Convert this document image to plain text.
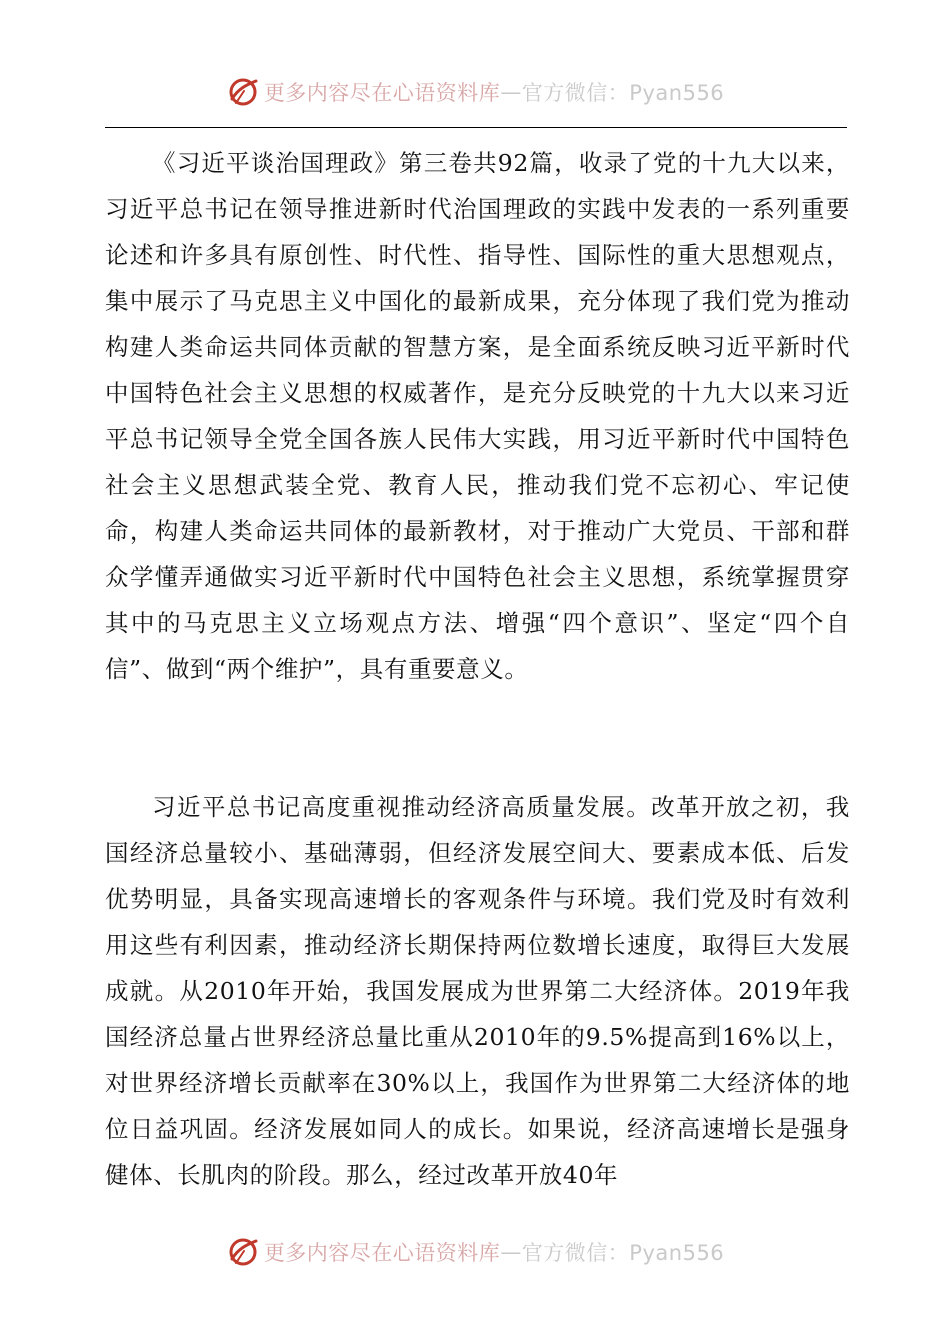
更多内容尽在心语资料库 — 官方微信：Pyan556

《习近平谈治国理政》第三卷共92篇，收录了党的十九大以来，习近平总书记在领导推进新时代治国理政的实践中发表的一系列重要论述和许多具有原创性、时代性、指导性、国际性的重大思想观点，集中展示了马克思主义中国化的最新成果，充分体现了我们党为推动构建人类命运共同体贡献的智慧方案，是全面系统反映习近平新时代中国特色社会主义思想的权威著作，是充分反映党的十九大以来习近平总书记领导全党全国各族人民伟大实践，用习近平新时代中国特色社会主义思想武装全党、教育人民，推动我们党不忘初心、牢记使命，构建人类命运共同体的最新教材，对于推动广大党员、干部和群众学懂弄通做实习近平新时代中国特色社会主义思想，系统掌握贯穿其中的马克思主义立场观点方法、增强“四个意识”、坚定“四个自信”、做到“两个维护”，具有重要意义。

习近平总书记高度重视推动经济高质量发展。改革开放之初，我国经济总量较小、基础薄弱，但经济发展空间大、要素成本低、后发优势明显，具备实现高速增长的客观条件与环境。我们党及时有效利用这些有利因素，推动经济长期保持两位数增长速度，取得巨大发展成就。从2010年开始，我国发展成为世界第二大经济体。2019年我国经济总量占世界经济总量比重从2010年的9.5%提高到16%以上，对世界经济增长贡献率在30%以上，我国作为世界第二大经济体的地位日益巩固。经济发展如同人的成长。如果说，经济高速增长是强身健体、长肌肉的阶段。那么，经过改革开放40年

更多内容尽在心语资料库 — 官方微信：Pyan556
